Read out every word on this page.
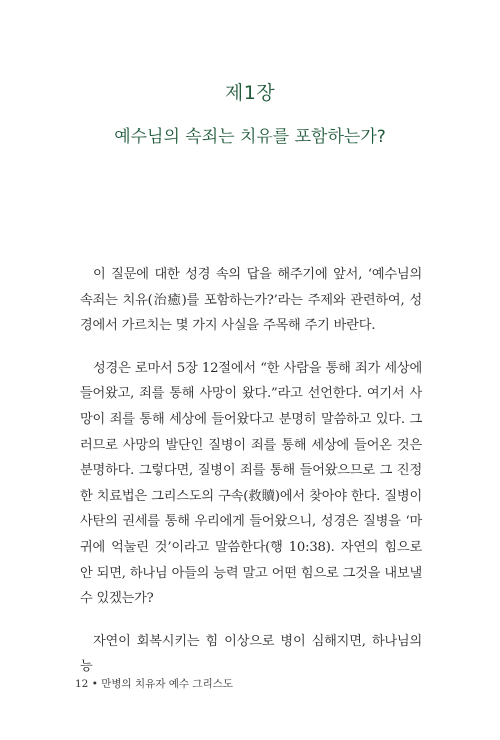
제1장
예수님의 속죄는 치유를 포함하는가?

이 질문에 대한 성경 속의 답을 해주기에 앞서, ‘예수님의 속죄는 치유(治癒)를 포함하는가?’라는 주제와 관련하여, 성경에서 가르치는 몇 가지 사실을 주목해 주기 바란다.

성경은 로마서 5장 12절에서 “한 사람을 통해 죄가 세상에 들어왔고, 죄를 통해 사망이 왔다.”라고 선언한다. 여기서 사망이 죄를 통해 세상에 들어왔다고 분명히 말씀하고 있다. 그러므로 사망의 발단인 질병이 죄를 통해 세상에 들어온 것은 분명하다. 그렇다면, 질병이 죄를 통해 들어왔으므로 그 진정한 치료법은 그리스도의 구속(救贖)에서 찾아야 한다. 질병이 사탄의 권세를 통해 우리에게 들어왔으니, 성경은 질병을 ‘마귀에 억눌린 것’이라고 말씀한다(행 10:38). 자연의 힘으로 안 되면, 하나님 아들의 능력 말고 어떤 힘으로 그것을 내보낼 수 있겠는가?

자연이 회복시키는 힘 이상으로 병이 심해지면, 하나님의 능

12 • 만병의 치유자 예수 그리스도
